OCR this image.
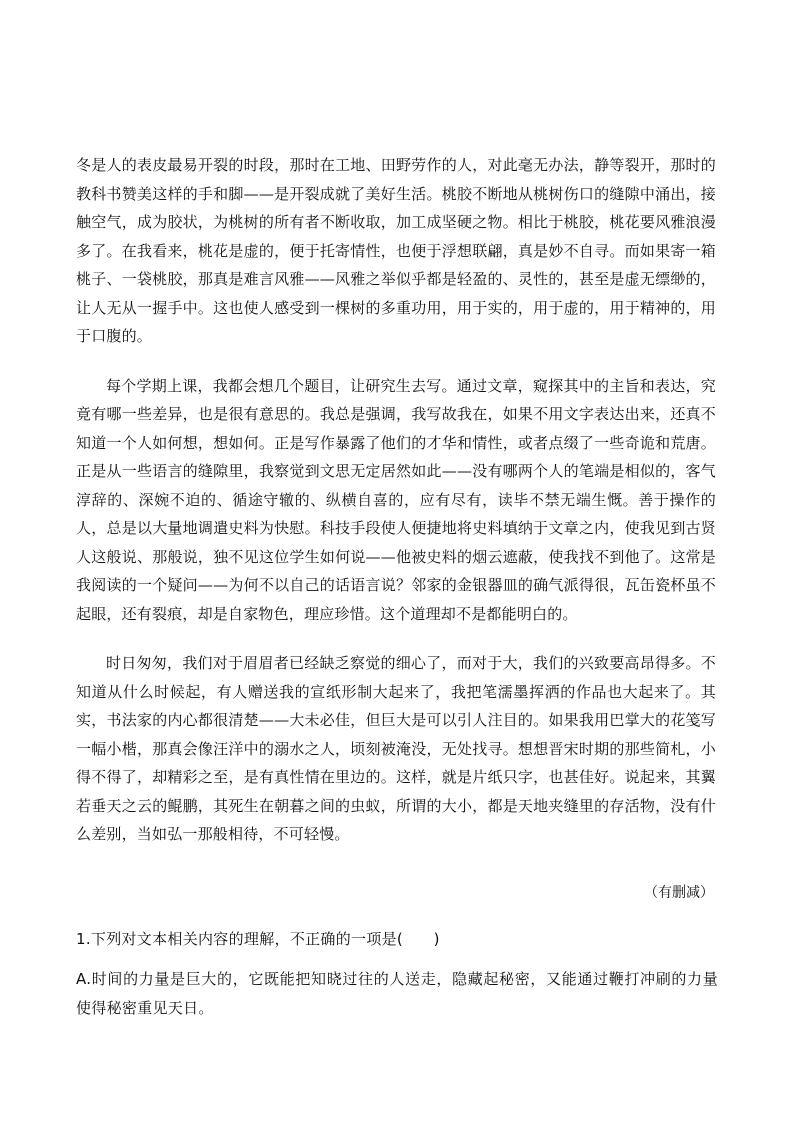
冬是人的表皮最易开裂的时段，那时在工地、田野劳作的人，对此毫无办法，静等裂开，那时的教科书赞美这样的手和脚——是开裂成就了美好生活。桃胶不断地从桃树伤口的缝隙中涌出，接触空气，成为胶状，为桃树的所有者不断收取，加工成坚硬之物。相比于桃胶，桃花要风雅浪漫多了。在我看来，桃花是虚的，便于托寄情性，也便于浮想联翩，真是妙不自寻。而如果寄一箱桃子、一袋桃胶，那真是难言风雅——风雅之举似乎都是轻盈的、灵性的，甚至是虚无缥缈的，让人无从一握手中。这也使人感受到一棵树的多重功用，用于实的，用于虚的，用于精神的，用于口腹的。

每个学期上课，我都会想几个题目，让研究生去写。通过文章，窥探其中的主旨和表达，究竟有哪一些差异，也是很有意思的。我总是强调，我写故我在，如果不用文字表达出来，还真不知道一个人如何想，想如何。正是写作暴露了他们的才华和情性，或者点缀了一些奇诡和荒唐。正是从一些语言的缝隙里，我察觉到文思无定居然如此——没有哪两个人的笔端是相似的，客气淳辞的、深婉不迫的、循途守辙的、纵横自喜的，应有尽有，读毕不禁无端生慨。善于操作的人，总是以大量地调遣史料为快慰。科技手段使人便捷地将史料填纳于文章之内，使我见到古贤人这般说、那般说，独不见这位学生如何说——他被史料的烟云遮蔽，使我找不到他了。这常是我阅读的一个疑问——为何不以自己的话语言说？邻家的金银器皿的确气派得很，瓦缶瓷杯虽不起眼，还有裂痕，却是自家物色，理应珍惜。这个道理却不是都能明白的。

时日匆匆，我们对于眉眉者已经缺乏察觉的细心了，而对于大，我们的兴致要高昂得多。不知道从什么时候起，有人赠送我的宣纸形制大起来了，我把笔濡墨挥洒的作品也大起来了。其实，书法家的内心都很清楚——大未必佳，但巨大是可以引人注目的。如果我用巴掌大的花笺写一幅小楷，那真会像汪洋中的溺水之人，顷刻被淹没，无处找寻。想想晋宋时期的那些简札，小得不得了，却精彩之至，是有真性情在里边的。这样，就是片纸只字，也甚佳好。说起来，其翼若垂天之云的鲲鹏，其死生在朝暮之间的虫蚁，所谓的大小，都是天地夹缝里的存活物，没有什么差别，当如弘一那般相待，不可轻慢。

（有删减）

1.下列对文本相关内容的理解，不正确的一项是(　　)

A.时间的力量是巨大的，它既能把知晓过往的人送走，隐藏起秘密，又能通过鞭打冲刷的力量使得秘密重见天日。
